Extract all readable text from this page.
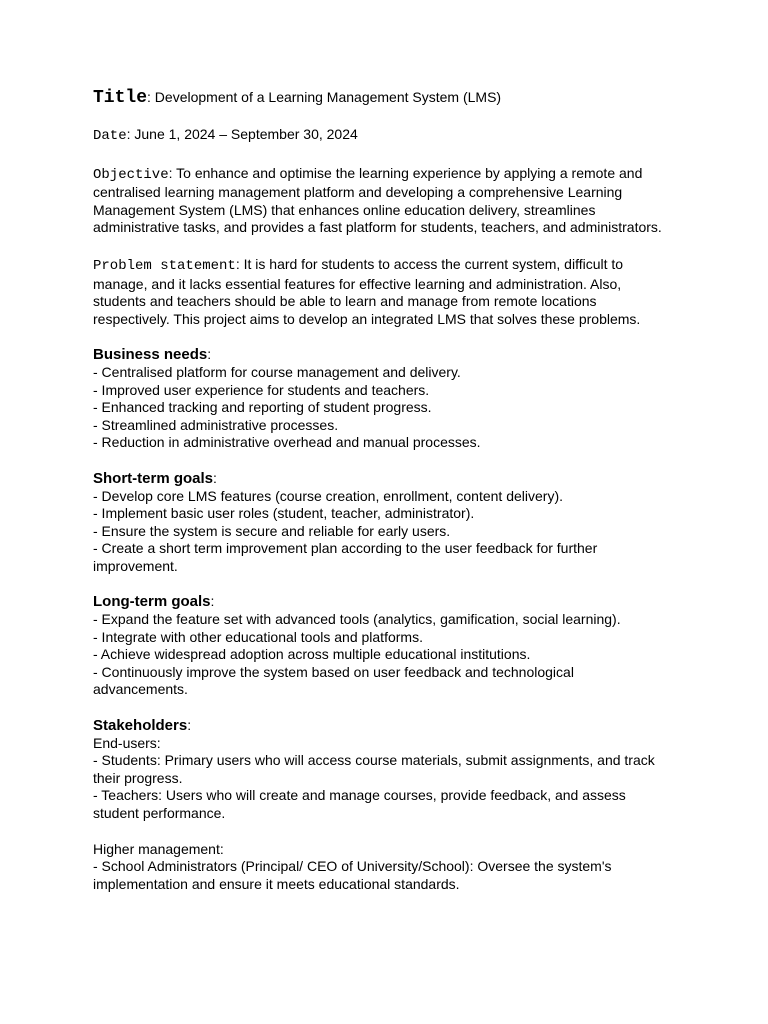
Title: Development of a Learning Management System (LMS)

Date: June 1, 2024 – September 30, 2024

Objective: To enhance and optimise the learning experience by applying a remote and

centralised learning management platform and developing a comprehensive Learning

Management System (LMS) that enhances online education delivery, streamlines

administrative tasks, and provides a fast platform for students, teachers, and administrators.

Problem statement: It is hard for students to access the current system, difficult to

manage, and it lacks essential features for effective learning and administration. Also,

students and teachers should be able to learn and manage from remote locations

respectively. This project aims to develop an integrated LMS that solves these problems.

Business needs:

- Centralised platform for course management and delivery.
- Improved user experience for students and teachers.
- Enhanced tracking and reporting of student progress.
- Streamlined administrative processes.
- Reduction in administrative overhead and manual processes.

Short-term goals:

- Develop core LMS features (course creation, enrollment, content delivery).
- Implement basic user roles (student, teacher, administrator).
- Ensure the system is secure and reliable for early users.
- Create a short term improvement plan according to the user feedback for further
improvement.

Long-term goals:

- Expand the feature set with advanced tools (analytics, gamification, social learning).
- Integrate with other educational tools and platforms.
- Achieve widespread adoption across multiple educational institutions.
- Continuously improve the system based on user feedback and technological
advancements.

Stakeholders:

End-users:

- Students: Primary users who will access course materials, submit assignments, and track
their progress.
- Teachers: Users who will create and manage courses, provide feedback, and assess
student performance.

Higher management:

- School Administrators (Principal/ CEO of University/School): Oversee the system's
implementation and ensure it meets educational standards.
